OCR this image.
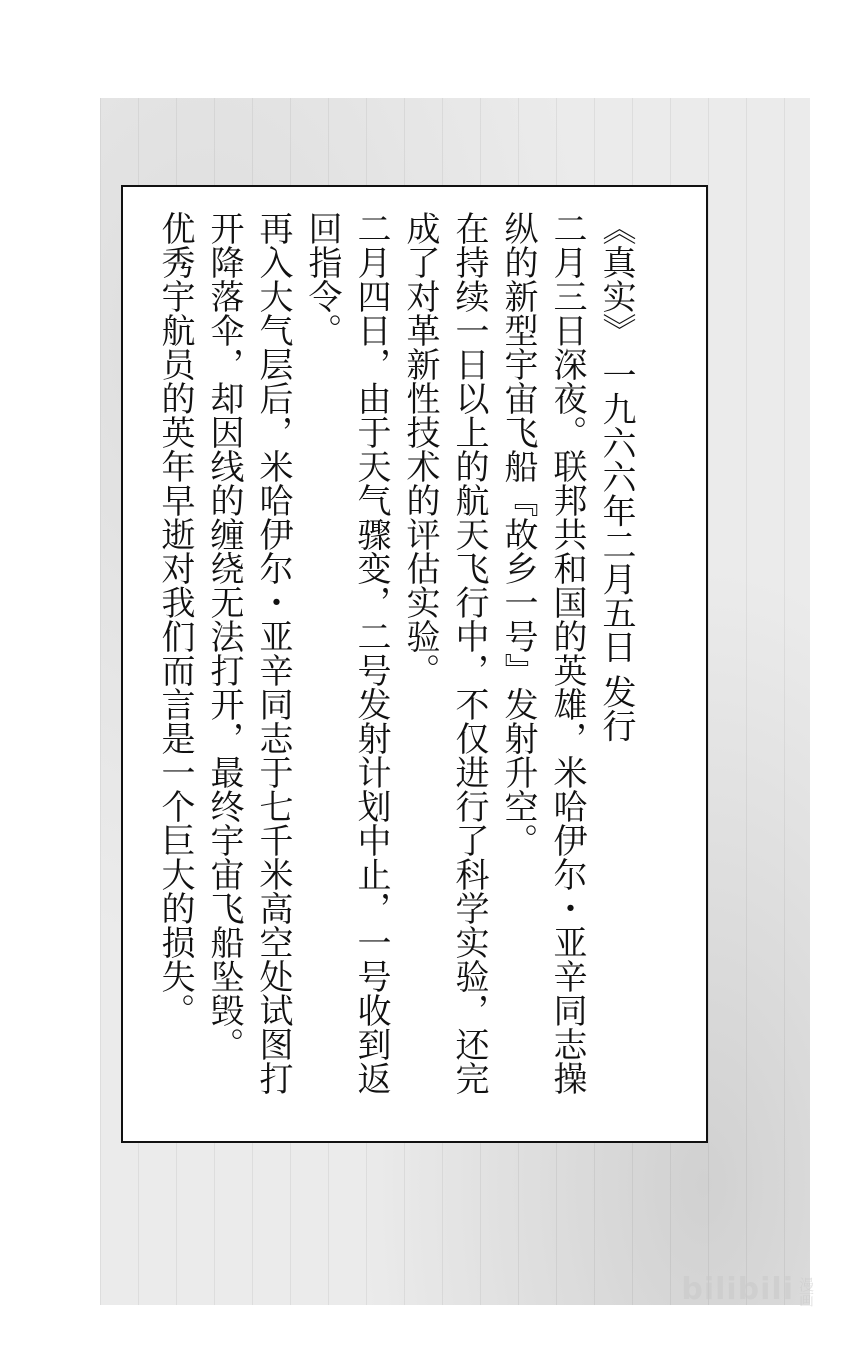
《真实》 一九六六年二月五日 发行
二月三日深夜。联邦共和国的英雄，米哈伊尔・亚辛同志操
纵的新型宇宙飞船『故乡一号』发射升空。
在持续一日以上的航天飞行中，不仅进行了科学实验，还完
成了对革新性技术的评估实验。
二月四日，由于天气骤变，二号发射计划中止，一号收到返
回指令。
再入大气层后，米哈伊尔・亚辛同志于七千米高空处试图打
开降落伞，却因线的缠绕无法打开，最终宇宙飞船坠毁。
优秀宇航员的英年早逝对我们而言是一个巨大的损失。
bilibili 漫画
